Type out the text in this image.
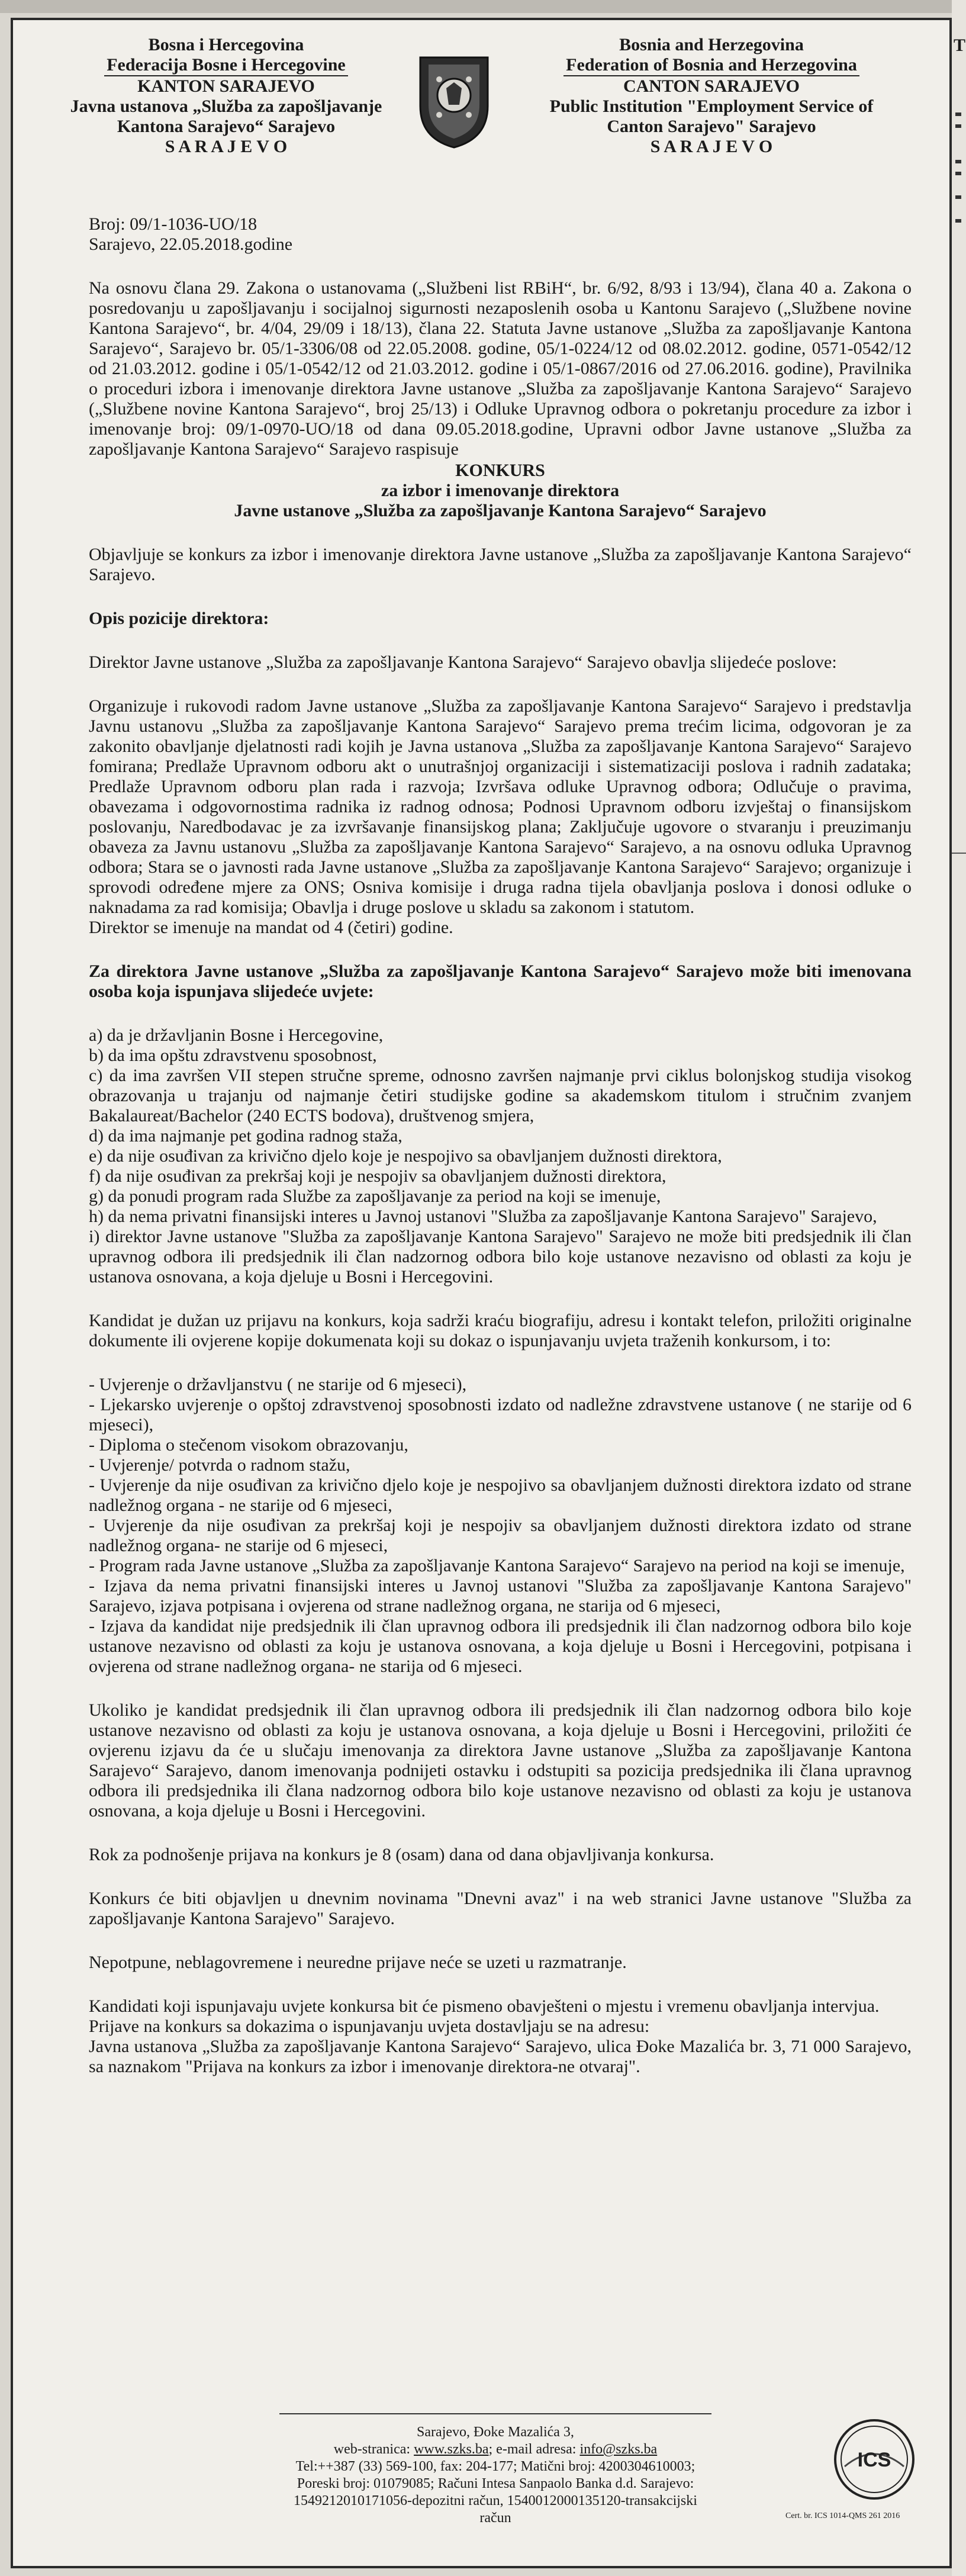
T
Bosna i Hercegovina
Federacija Bosne i Hercegovine
KANTON SARAJEVO
Javna ustanova „Služba za zapošljavanje
Kantona Sarajevo“ Sarajevo
S A R A J E V O
Bosnia and Herzegovina
Federation of Bosnia and Herzegovina
CANTON SARAJEVO
Public Institution "Employment Service of
Canton Sarajevo" Sarajevo
S A R A J E V O

Broj: 09/1-1036-UO/18

Sarajevo, 22.05.2018.godine

Na osnovu člana 29. Zakona o ustanovama („Službeni list RBiH“, br. 6/92, 8/93 i 13/94), člana 40 a. Zakona o posredovanju u zapošljavanju i socijalnoj sigurnosti nezaposlenih osoba u Kantonu Sarajevo („Službene novine Kantona Sarajevo“, br. 4/04, 29/09 i 18/13), člana 22. Statuta Javne ustanove „Služba za zapošljavanje Kantona Sarajevo“, Sarajevo br. 05/1-3306/08 od 22.05.2008. godine, 05/1-0224/12 od 08.02.2012. godine, 0571-0542/12 od 21.03.2012. godine i 05/1-0542/12 od 21.03.2012. godine i 05/1-0867/2016 od 27.06.2016. godine), Pravilnika o proceduri izbora i imenovanje direktora Javne ustanove „Služba za zapošljavanje Kantona Sarajevo“ Sarajevo („Službene novine Kantona Sarajevo“, broj 25/13) i Odluke Upravnog odbora o pokretanju procedure za izbor i imenovanje broj: 09/1-0970-UO/18 od dana 09.05.2018.godine, Upravni odbor Javne ustanove „Služba za zapošljavanje Kantona Sarajevo“ Sarajevo raspisuje

KONKURS

za izbor i imenovanje direktora

Javne ustanove „Služba za zapošljavanje Kantona Sarajevo“ Sarajevo

Objavljuje se konkurs za izbor i imenovanje direktora Javne ustanove „Služba za zapošljavanje Kantona Sarajevo“ Sarajevo.

Opis pozicije direktora:

Direktor Javne ustanove „Služba za zapošljavanje Kantona Sarajevo“ Sarajevo obavlja slijedeće poslove:

Organizuje i rukovodi radom Javne ustanove „Služba za zapošljavanje Kantona Sarajevo“ Sarajevo i predstavlja Javnu ustanovu „Služba za zapošljavanje Kantona Sarajevo“ Sarajevo prema trećim licima, odgovoran je za zakonito obavljanje djelatnosti radi kojih je Javna ustanova „Služba za zapošljavanje Kantona Sarajevo“ Sarajevo fomirana; Predlaže Upravnom odboru akt o unutrašnjoj organizaciji i sistematizaciji poslova i radnih zadataka; Predlaže Upravnom odboru plan rada i razvoja; Izvršava odluke Upravnog odbora; Odlučuje o pravima, obavezama i odgovornostima radnika iz radnog odnosa; Podnosi Upravnom odboru izvještaj o finansijskom poslovanju, Naredbodavac je za izvršavanje finansijskog plana; Zaključuje ugovore o stvaranju i preuzimanju obaveza za Javnu ustanovu „Služba za zapošljavanje Kantona Sarajevo“ Sarajevo, a na osnovu odluka Upravnog odbora; Stara se o javnosti rada Javne ustanove „Služba za zapošljavanje Kantona Sarajevo“ Sarajevo; organizuje i sprovodi određene mjere za ONS; Osniva komisije i druga radna tijela obavljanja poslova i donosi odluke o naknadama za rad komisija; Obavlja i druge poslove u skladu sa zakonom i statutom.

Direktor se imenuje na mandat od 4 (četiri) godine.

Za direktora Javne ustanove „Služba za zapošljavanje Kantona Sarajevo“ Sarajevo može biti imenovana osoba koja ispunjava slijedeće uvjete:

a) da je državljanin Bosne i Hercegovine,

b) da ima opštu zdravstvenu sposobnost,

c) da ima završen VII stepen stručne spreme, odnosno završen najmanje prvi ciklus bolonjskog studija visokog obrazovanja u trajanju od najmanje četiri studijske godine sa akademskom titulom i stručnim zvanjem Bakalaureat/Bachelor (240 ECTS bodova), društvenog smjera,

d) da ima najmanje pet godina radnog staža,

e) da nije osuđivan za krivično djelo koje je nespojivo sa obavljanjem dužnosti direktora,

f) da nije osuđivan za prekršaj koji je nespojiv sa obavljanjem dužnosti direktora,

g) da ponudi program rada Službe za zapošljavanje za period na koji se imenuje,

h) da nema privatni finansijski interes u Javnoj ustanovi "Služba za zapošljavanje Kantona Sarajevo" Sarajevo,

i) direktor Javne ustanove "Služba za zapošljavanje Kantona Sarajevo" Sarajevo ne može biti predsjednik ili član upravnog odbora ili predsjednik ili član nadzornog odbora bilo koje ustanove nezavisno od oblasti za koju je ustanova osnovana, a koja djeluje u Bosni i Hercegovini.

Kandidat je dužan uz prijavu na konkurs, koja sadrži kraću biografiju, adresu i kontakt telefon, priložiti originalne dokumente ili ovjerene kopije dokumenata koji su dokaz o ispunjavanju uvjeta traženih konkursom, i to:

- Uvjerenje o državljanstvu ( ne starije od 6 mjeseci),

- Ljekarsko uvjerenje o opštoj zdravstvenoj sposobnosti izdato od nadležne zdravstvene ustanove ( ne starije od 6 mjeseci),

- Diploma o stečenom visokom obrazovanju,

- Uvjerenje/ potvrda o radnom stažu,

- Uvjerenje da nije osuđivan za krivično djelo koje je nespojivo sa obavljanjem dužnosti direktora izdato od strane nadležnog organa - ne starije od 6 mjeseci,

- Uvjerenje da nije osuđivan za prekršaj koji je nespojiv sa obavljanjem dužnosti direktora izdato od strane nadležnog organa- ne starije od 6 mjeseci,

- Program rada Javne ustanove „Služba za zapošljavanje Kantona Sarajevo“ Sarajevo na period na koji se imenuje,

- Izjava da nema privatni finansijski interes u Javnoj ustanovi "Služba za zapošljavanje Kantona Sarajevo" Sarajevo, izjava potpisana i ovjerena od strane nadležnog organa, ne starija od 6 mjeseci,

- Izjava da kandidat nije predsjednik ili član upravnog odbora ili predsjednik ili član nadzornog odbora bilo koje ustanove nezavisno od oblasti za koju je ustanova osnovana, a koja djeluje u Bosni i Hercegovini, potpisana i ovjerena od strane nadležnog organa- ne starija od 6 mjeseci.

Ukoliko je kandidat predsjednik ili član upravnog odbora ili predsjednik ili član nadzornog odbora bilo koje ustanove nezavisno od oblasti za koju je ustanova osnovana, a koja djeluje u Bosni i Hercegovini, priložiti će ovjerenu izjavu da će u slučaju imenovanja za direktora Javne ustanove „Služba za zapošljavanje Kantona Sarajevo“ Sarajevo, danom imenovanja podnijeti ostavku i odstupiti sa pozicija predsjednika ili člana upravnog odbora ili predsjednika ili člana nadzornog odbora bilo koje ustanove nezavisno od oblasti za koju je ustanova osnovana, a koja djeluje u Bosni i Hercegovini.

Rok za podnošenje prijava na konkurs je 8 (osam) dana od dana objavljivanja konkursa.

Konkurs će biti objavljen u dnevnim novinama "Dnevni avaz" i na web stranici Javne ustanove "Služba za zapošljavanje Kantona Sarajevo" Sarajevo.

Nepotpune, neblagovremene i neuredne prijave neće se uzeti u razmatranje.

Kandidati koji ispunjavaju uvjete konkursa bit će pismeno obavješteni o mjestu i vremenu obavljanja intervjua.

Prijave na konkurs sa dokazima o ispunjavanju uvjeta dostavljaju se na adresu:

Javna ustanova „Služba za zapošljavanje Kantona Sarajevo“ Sarajevo, ulica Đoke Mazalića br. 3, 71 000 Sarajevo, sa naznakom "Prijava na konkurs za izbor i imenovanje direktora-ne otvaraj".

Sarajevo, Đoke Mazalića 3,
web-stranica: www.szks.ba; e-mail adresa: info@szks.ba
Tel:++387 (33) 569-100, fax: 204-177; Matični broj: 4200304610003;
Poreski broj: 01079085; Računi Intesa Sanpaolo Banka d.d. Sarajevo:
1549212010171056-depozitni račun, 1540012000135120-transakcijski račun
ICS
Cert. br. ICS 1014-QMS 261 2016
